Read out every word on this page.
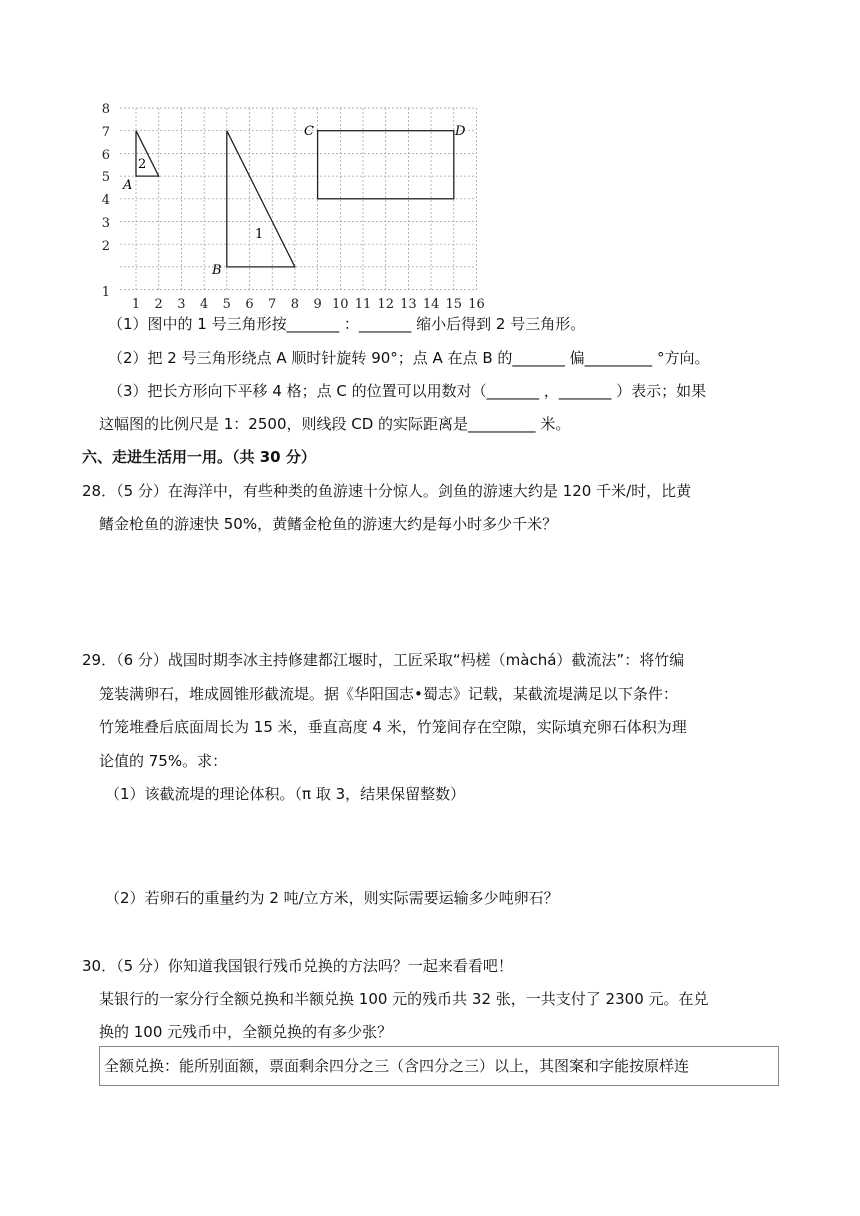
8
7
6
5
4
3
2
1
1 2 3 4 5 6 7 8 9 10 11 12 13 14 15 16
2
A
1
B
C	D
（1）图中的 1 号三角形按_______ ：_______ 缩小后得到 2 号三角形。
（2）把 2 号三角形绕点 A 顺时针旋转 90°；点 A 在点 B 的_______ 偏_________ °方向。
（3）把长方形向下平移 4 格；点 C 的位置可以用数对（_______ ，_______ ）表示；如果
这幅图的比例尺是 1：2500，则线段 CD 的实际距离是_________ 米。
六、走进生活用一用。（共 30 分）
28．（5 分）在海洋中，有些种类的鱼游速十分惊人。剑鱼的游速大约是 120 千米/时，比黄
鳍金枪鱼的游速快 50%，黄鳍金枪鱼的游速大约是每小时多少千米？
29．（6 分）战国时期李冰主持修建都江堰时，工匠采取“杩槎（màchá）截流法”：将竹编
笼装满卵石，堆成圆锥形截流堤。据《华阳国志•蜀志》记载，某截流堤满足以下条件：
竹笼堆叠后底面周长为 15 米，垂直高度 4 米，竹笼间存在空隙，实际填充卵石体积为理
论值的 75%。求：
（1）该截流堤的理论体积。（π 取 3，结果保留整数）
（2）若卵石的重量约为 2 吨/立方米，则实际需要运输多少吨卵石？
30．（5 分）你知道我国银行残币兑换的方法吗？一起来看看吧！
某银行的一家分行全额兑换和半额兑换 100 元的残币共 32 张，一共支付了 2300 元。在兑
换的 100 元残币中，全额兑换的有多少张？
全额兑换：能所别面额，票面剩余四分之三（含四分之三）以上，其图案和字能按原样连
